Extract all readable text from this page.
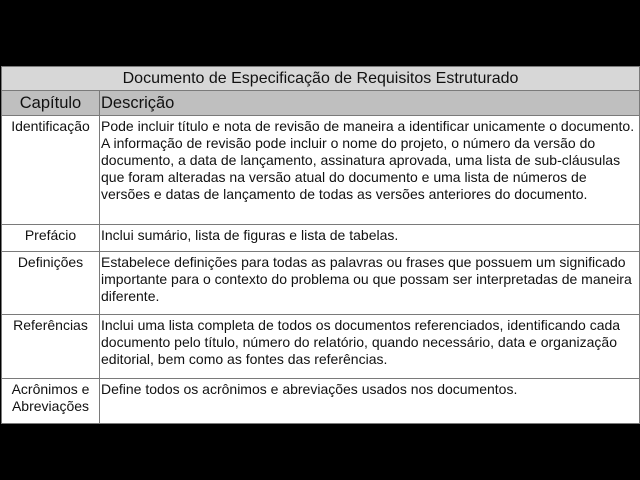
Documento de Especificação de Requisitos Estruturado	
Capítulo	Descrição
Identificação	Pode incluir título e nota de revisão de maneira a identificar unicamente o documento. A informação de revisão pode incluir o nome do projeto, o número da versão do documento, a data de lançamento, assinatura aprovada, uma lista de sub-cláusulas que foram alteradas na versão atual do documento e uma lista de números de versões e datas de lançamento de todas as versões anteriores do documento.
Prefácio	Inclui sumário, lista de figuras e lista de tabelas.
Definições	Estabelece definições para todas as palavras ou frases que possuem um significado importante para o contexto do problema ou que possam ser interpretadas de maneira diferente.
Referências	Inclui uma lista completa de todos os documentos referenciados, identificando cada documento pelo título, número do relatório, quando necessário, data e organização editorial, bem como as fontes das referências.
Acrônimos e Abreviações	Define todos os acrônimos e abreviações usados nos documentos.
